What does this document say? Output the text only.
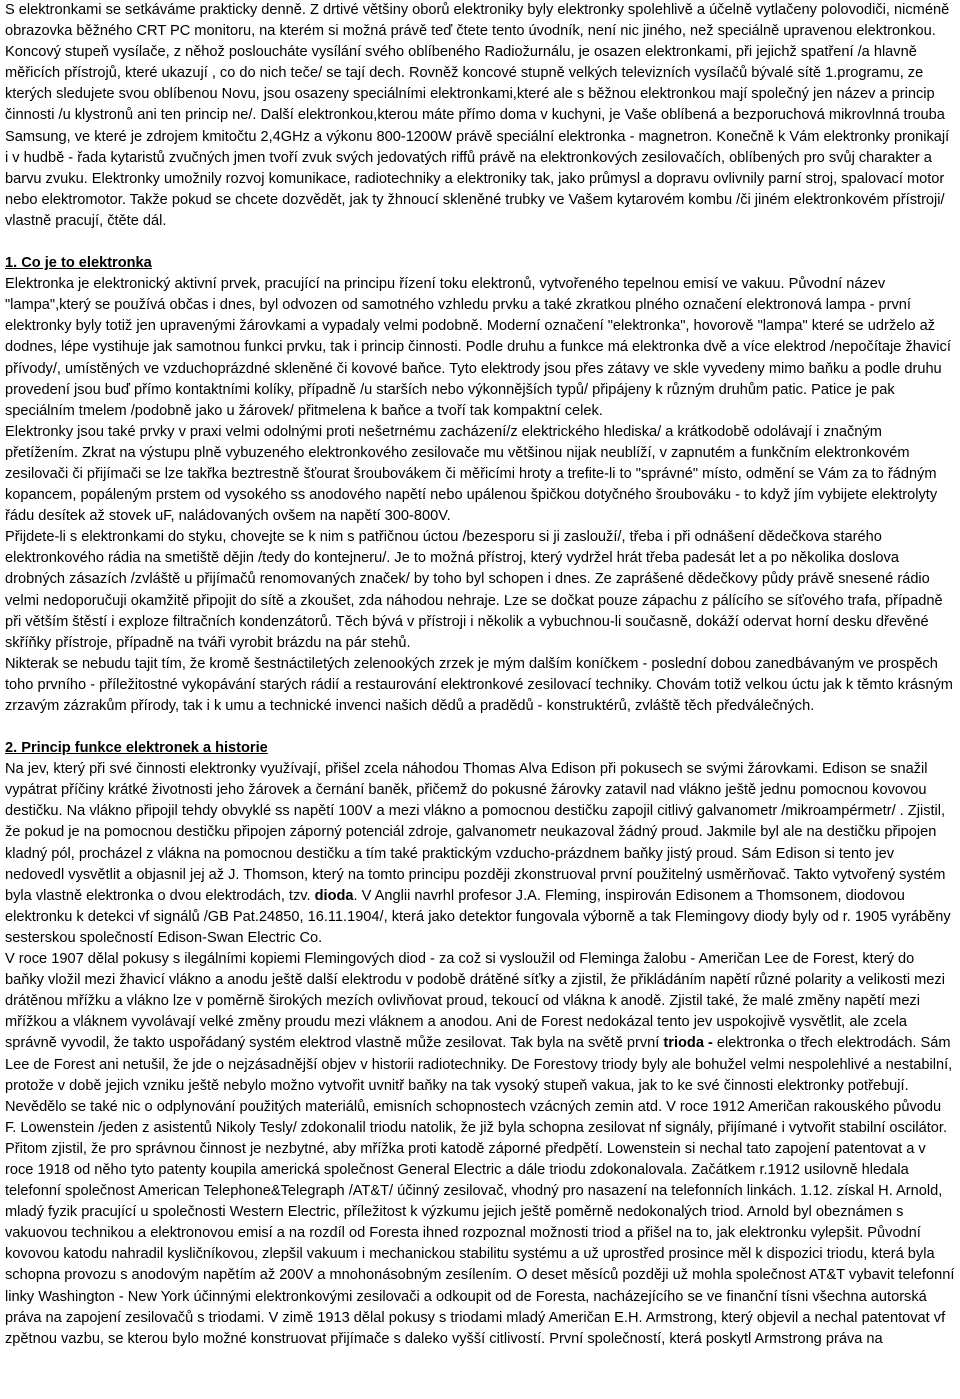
S elektronkami se setkáváme prakticky denně. Z drtivé většiny oborů elektroniky byly elektronky spolehlivě a účelně vytlačeny polovodiči, nicméně obrazovka běžného CRT PC monitoru, na kterém si možná právě teď čtete tento úvodník, není nic jiného, než speciálně upravenou elektronkou. Koncový stupeň vysílače, z něhož posloucháte vysílání svého oblíbeného Radiožurnálu, je osazen elektronkami, při jejichž spatření /a hlavně měřicích přístrojů, které ukazují , co do nich teče/ se tají dech. Rovněž koncové stupně velkých televizních vysílačů bývalé sítě 1.programu, ze kterých sledujete svou oblíbenou Novu, jsou osazeny speciálními elektronkami,které ale s běžnou elektronkou mají společný jen název a princip činnosti /u klystronů ani ten princip ne/. Další elektronkou,kterou máte přímo doma v kuchyni, je Vaše oblíbená a bezporuchová mikrovlnná trouba Samsung, ve které je zdrojem kmitočtu 2,4GHz a výkonu 800-1200W právě speciální elektronka - magnetron. Konečně k Vám elektronky pronikají i v hudbě - řada kytaristů zvučných jmen tvoří zvuk svých jedovatých riffů právě na elektronkových zesilovačích, oblíbených pro svůj charakter a barvu zvuku. Elektronky umožnily rozvoj komunikace, radiotechniky a elektroniky tak, jako průmysl a dopravu ovlivnily parní stroj, spalovací motor nebo elektromotor. Takže pokud se chcete dozvědět, jak ty žhnoucí skleněné trubky ve Vašem kytarovém kombu /či jiném elektronkovém přístroji/ vlastně pracují, čtěte dál.

1. Co je to elektronka

Elektronka je elektronický aktivní prvek, pracující na principu řízení toku elektronů, vytvořeného tepelnou emisí ve vakuu. Původní název "lampa",který se používá občas i dnes, byl odvozen od samotného vzhledu prvku a také zkratkou plného označení elektronová lampa - první elektronky byly totiž jen upravenými žárovkami a vypadaly velmi podobně. Moderní označení "elektronka", hovorově "lampa" které se udrželo až dodnes, lépe vystihuje jak samotnou funkci prvku, tak i princip činnosti. Podle druhu a funkce má elektronka dvě a více elektrod /nepočítaje žhavicí přívody/, umístěných ve vzduchoprázdné skleněné či kovové baňce. Tyto elektrody jsou přes zátavy ve skle vyvedeny mimo baňku a podle druhu provedení jsou buď přímo kontaktními kolíky, případně /u starších nebo výkonnějších typů/ připájeny k různým druhům patic. Patice je pak speciálním tmelem /podobně jako u žárovek/ přitmelena k baňce a tvoří tak kompaktní celek.

Elektronky jsou také prvky v praxi velmi odolnými proti nešetrnému zacházení/z elektrického hlediska/ a krátkodobě odolávají i značným přetížením. Zkrat na výstupu plně vybuzeného elektronkového zesilovače mu většinou nijak neublíží, v zapnutém a funkčním elektronkovém zesilovači či přijímači se lze takřka beztrestně šťourat šroubovákem či měřicími hroty a trefite-li to "správné" místo, odmění se Vám za to řádným kopancem, popáleným prstem od vysokého ss anodového napětí nebo upálenou špičkou dotyčného šroubováku - to když jím vybijete elektrolyty řádu desítek až stovek uF, naládovaných ovšem na napětí 300-800V.

Přijdete-li s elektronkami do styku, chovejte se k nim s patřičnou úctou /bezesporu si ji zaslouží/, třeba i při odnášení dědečkova starého elektronkového rádia na smetiště dějin /tedy do kontejneru/. Je to možná přístroj, který vydržel hrát třeba padesát let a po několika doslova drobných zásazích /zvláště u přijímačů renomovaných značek/ by toho byl schopen i dnes. Ze zaprášené dědečkovy půdy právě snesené rádio velmi nedoporučuji okamžitě připojit do sítě a zkoušet, zda náhodou nehraje. Lze se dočkat pouze zápachu z pálícího se síťového trafa, případně při větším štěstí i exploze filtračních kondenzátorů. Těch bývá v přístroji i několik a vybuchnou-li současně, dokáží odervat horní desku dřevěné skříňky přístroje, případně na tváři vyrobit brázdu na pár stehů.

Nikterak se nebudu tajit tím, že kromě šestnáctiletých zelenookých zrzek je mým dalším koníčkem - poslední dobou zanedbávaným ve prospěch toho prvního - příležitostné vykopávání starých rádií a restaurování elektronkové zesilovací techniky. Chovám totiž velkou úctu jak k těmto krásným zrzavým zázrakům přírody, tak i k umu a technické invenci našich dědů a pradědů - konstruktérů, zvláště těch předválečných.

2. Princip funkce elektronek a historie

Na jev, který při své činnosti elektronky využívají, přišel zcela náhodou Thomas Alva Edison při pokusech se svými žárovkami. Edison se snažil vypátrat příčiny krátké životnosti jeho žárovek a černání baněk, přičemž do pokusné žárovky zatavil nad vlákno ještě jednu pomocnou kovovou destičku. Na vlákno připojil tehdy obvyklé ss napětí 100V a mezi vlákno a pomocnou destičku zapojil citlivý galvanometr /mikroampérmetr/ . Zjistil, že pokud je na pomocnou destičku připojen záporný potenciál zdroje, galvanometr neukazoval žádný proud. Jakmile byl ale na destičku připojen kladný pól, procházel z vlákna na pomocnou destičku a tím také praktickým vzducho-prázdnem baňky jistý proud. Sám Edison si tento jev nedovedl vysvětlit a objasnil jej až J. Thomson, který na tomto principu později zkonstruoval první použitelný usměrňovač. Takto vytvořený systém byla vlastně elektronka o dvou elektrodách, tzv. dioda. V Anglii navrhl profesor J.A. Fleming, inspirován Edisonem a Thomsonem, diodovou elektronku k detekci vf signálů /GB Pat.24850, 16.11.1904/, která jako detektor fungovala výborně a tak Flemingovy diody byly od r. 1905 vyráběny sesterskou společností Edison-Swan Electric Co.

V roce 1907 dělal pokusy s ilegálními kopiemi Flemingových diod - za což si vysloužil od Fleminga žalobu - Američan Lee de Forest, který do baňky vložil mezi žhavicí vlákno a anodu ještě další elektrodu v podobě drátěné síťky a zjistil, že přikládáním napětí různé polarity a velikosti mezi drátěnou mřížku a vlákno lze v poměrně širokých mezích ovlivňovat proud, tekoucí od vlákna k anodě. Zjistil také, že malé změny napětí mezi mřížkou a vláknem vyvolávají velké změny proudu mezi vláknem a anodou. Ani de Forest nedokázal tento jev uspokojivě vysvětlit, ale zcela správně vyvodil, že takto uspořádaný systém elektrod vlastně může zesilovat. Tak byla na světě první trioda - elektronka o třech elektrodách. Sám Lee de Forest ani netušil, že jde o nejzásadnější objev v historii radiotechniky. De Forestovy triody byly ale bohužel velmi nespolehlivé a nestabilní, protože v době jejich vzniku ještě nebylo možno vytvořit uvnitř baňky na tak vysoký stupeň vakua, jak to ke své činnosti elektronky potřebují. Nevědělo se také nic o odplynování použitých materiálů, emisních schopnostech vzácných zemin atd. V roce 1912 Američan rakouského původu F. Lowenstein /jeden z asistentů Nikoly Tesly/ zdokonalil triodu natolik, že již byla schopna zesilovat nf signály, přijímané i vytvořit stabilní oscilátor. Přitom zjistil, že pro správnou činnost je nezbytné, aby mřížka proti katodě záporné předpětí. Lowenstein si nechal tato zapojení patentovat a v roce 1918 od něho tyto patenty koupila americká společnost General Electric a dále triodu zdokonalovala. Začátkem r.1912 usilovně hledala telefonní společnost American Telephone&Telegraph /AT&T/ účinný zesilovač, vhodný pro nasazení na telefonních linkách. 1.12. získal H. Arnold, mladý fyzik pracující u společnosti Western Electric, příležitost k výzkumu jejich ještě poměrně nedokonalých triod. Arnold byl obeznámen s vakuovou technikou a elektronovou emisí a na rozdíl od Foresta ihned rozpoznal možnosti triod a přišel na to, jak elektronku vylepšit. Původní kovovou katodu nahradil kysličníkovou, zlepšil vakuum i mechanickou stabilitu systému a už uprostřed prosince měl k dispozici triodu, která byla schopna provozu s anodovým napětím až 200V a mnohonásobným zesílením. O deset měsíců později už mohla společnost AT&T vybavit telefonní linky Washington - New York účinnými elektronkovými zesilovači a odkoupit od de Foresta, nacházejícího se ve finanční tísni všechna autorská práva na zapojení zesilovačů s triodami. V zimě 1913 dělal pokusy s triodami mladý Američan E.H. Armstrong, který objevil a nechal patentovat vf zpětnou vazbu, se kterou bylo možné konstruovat přijímače s daleko vyšší citlivostí. První společností, která poskytl Armstrong práva na
